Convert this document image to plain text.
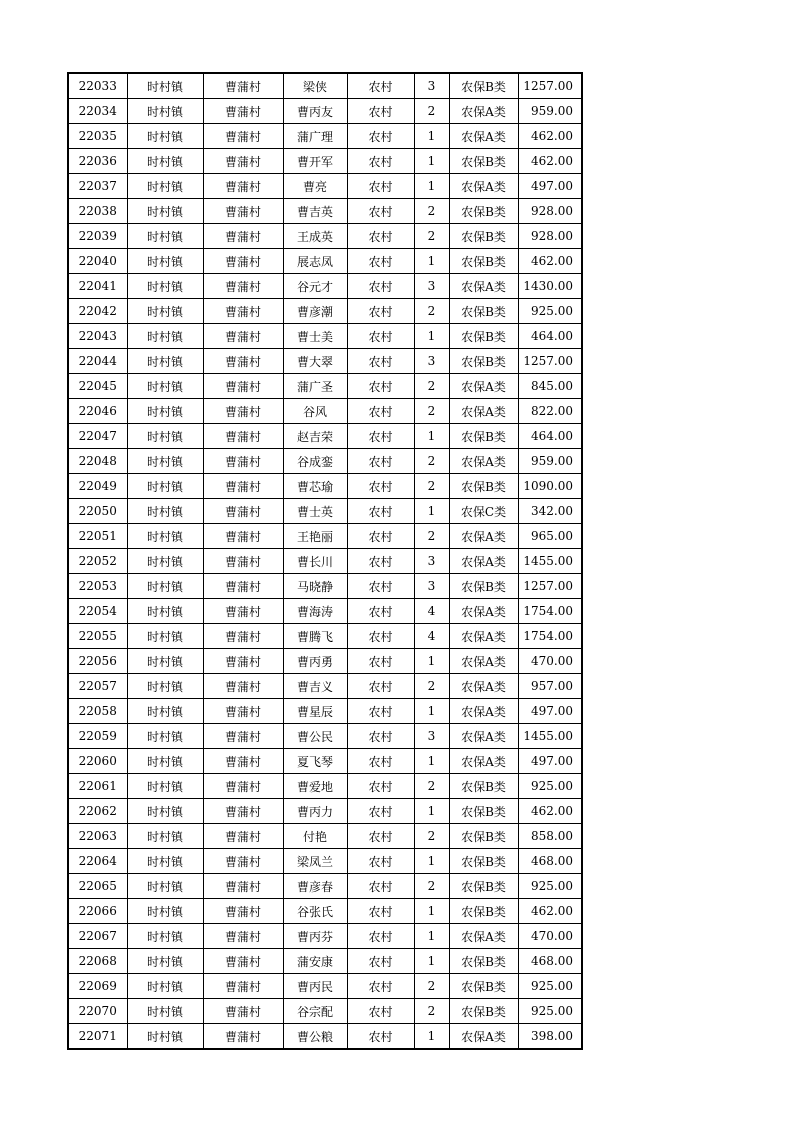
22033	时村镇	曹蒲村	梁侠	农村	3	农保B类	1257.00
22034	时村镇	曹蒲村	曹丙友	农村	2	农保A类	959.00
22035	时村镇	曹蒲村	蒲广理	农村	1	农保A类	462.00
22036	时村镇	曹蒲村	曹开军	农村	1	农保B类	462.00
22037	时村镇	曹蒲村	曹亮	农村	1	农保A类	497.00
22038	时村镇	曹蒲村	曹吉英	农村	2	农保B类	928.00
22039	时村镇	曹蒲村	王成英	农村	2	农保B类	928.00
22040	时村镇	曹蒲村	展志凤	农村	1	农保B类	462.00
22041	时村镇	曹蒲村	谷元才	农村	3	农保A类	1430.00
22042	时村镇	曹蒲村	曹彦潮	农村	2	农保B类	925.00
22043	时村镇	曹蒲村	曹士美	农村	1	农保B类	464.00
22044	时村镇	曹蒲村	曹大翠	农村	3	农保B类	1257.00
22045	时村镇	曹蒲村	蒲广圣	农村	2	农保A类	845.00
22046	时村镇	曹蒲村	谷风	农村	2	农保A类	822.00
22047	时村镇	曹蒲村	赵吉荣	农村	1	农保B类	464.00
22048	时村镇	曹蒲村	谷成銮	农村	2	农保A类	959.00
22049	时村镇	曹蒲村	曹芯瑜	农村	2	农保B类	1090.00
22050	时村镇	曹蒲村	曹士英	农村	1	农保C类	342.00
22051	时村镇	曹蒲村	王艳丽	农村	2	农保A类	965.00
22052	时村镇	曹蒲村	曹长川	农村	3	农保A类	1455.00
22053	时村镇	曹蒲村	马晓静	农村	3	农保B类	1257.00
22054	时村镇	曹蒲村	曹海涛	农村	4	农保A类	1754.00
22055	时村镇	曹蒲村	曹腾飞	农村	4	农保A类	1754.00
22056	时村镇	曹蒲村	曹丙勇	农村	1	农保A类	470.00
22057	时村镇	曹蒲村	曹吉义	农村	2	农保A类	957.00
22058	时村镇	曹蒲村	曹星辰	农村	1	农保A类	497.00
22059	时村镇	曹蒲村	曹公民	农村	3	农保A类	1455.00
22060	时村镇	曹蒲村	夏飞琴	农村	1	农保A类	497.00
22061	时村镇	曹蒲村	曹爱地	农村	2	农保B类	925.00
22062	时村镇	曹蒲村	曹丙力	农村	1	农保B类	462.00
22063	时村镇	曹蒲村	付艳	农村	2	农保B类	858.00
22064	时村镇	曹蒲村	梁凤兰	农村	1	农保B类	468.00
22065	时村镇	曹蒲村	曹彦春	农村	2	农保B类	925.00
22066	时村镇	曹蒲村	谷张氏	农村	1	农保B类	462.00
22067	时村镇	曹蒲村	曹丙芬	农村	1	农保A类	470.00
22068	时村镇	曹蒲村	蒲安康	农村	1	农保B类	468.00
22069	时村镇	曹蒲村	曹丙民	农村	2	农保B类	925.00
22070	时村镇	曹蒲村	谷宗配	农村	2	农保B类	925.00
22071	时村镇	曹蒲村	曹公粮	农村	1	农保A类	398.00
